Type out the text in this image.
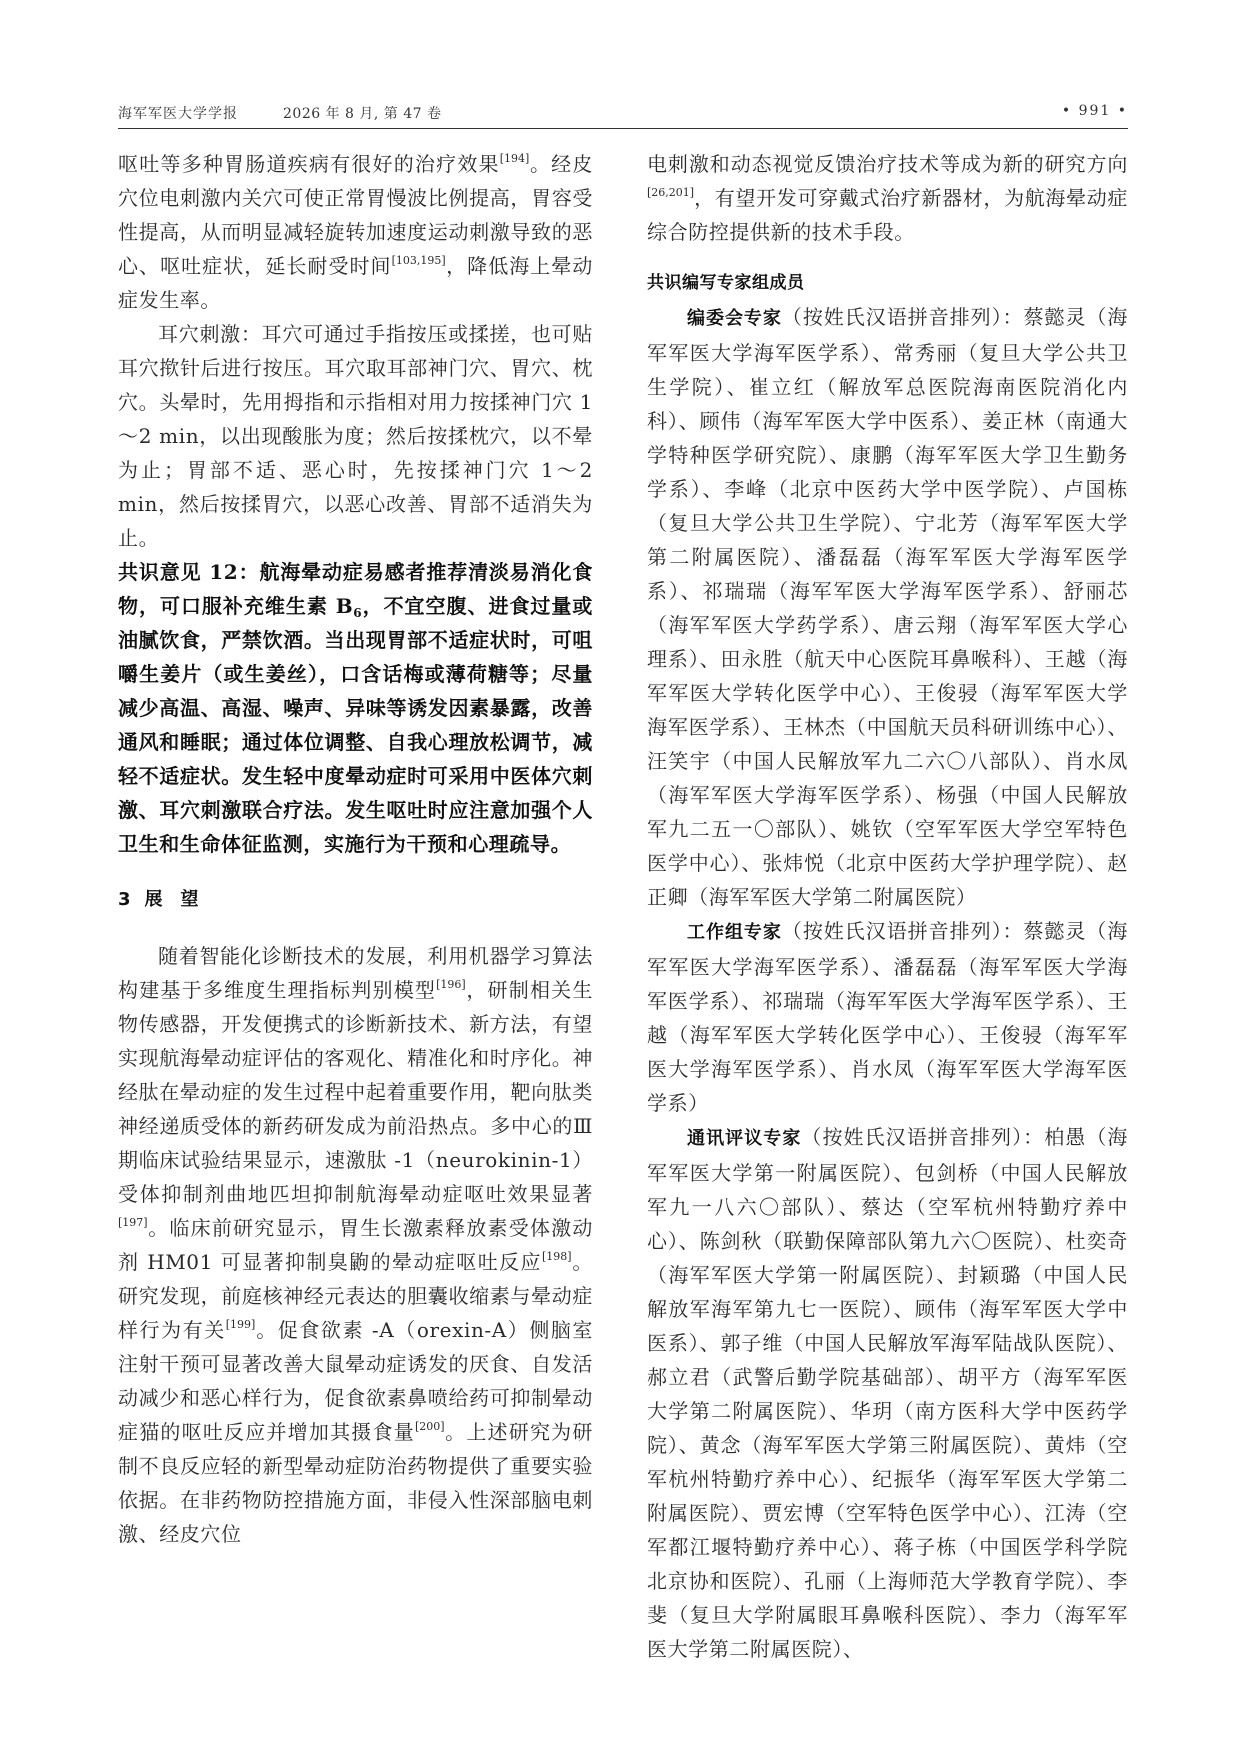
海军军医大学学报	2026 年 8 月, 第 47 卷	• 991 •

呕吐等多种胃肠道疾病有很好的治疗效果[194]。经皮穴位电刺激内关穴可使正常胃慢波比例提高，胃容受性提高，从而明显减轻旋转加速度运动刺激导致的恶心、呕吐症状，延长耐受时间[103,195]，降低海上晕动症发生率。

耳穴刺激：耳穴可通过手指按压或揉搓，也可贴耳穴揿针后进行按压。耳穴取耳部神门穴、胃穴、枕穴。头晕时，先用拇指和示指相对用力按揉神门穴 1～2 min，以出现酸胀为度；然后按揉枕穴，以不晕为止；胃部不适、恶心时，先按揉神门穴 1～2 min，然后按揉胃穴，以恶心改善、胃部不适消失为止。

共识意见 12：航海晕动症易感者推荐清淡易消化食物，可口服补充维生素 $B_6$，不宜空腹、进食过量或油腻饮食，严禁饮酒。当出现胃部不适症状时，可咀嚼生姜片（或生姜丝），口含话梅或薄荷糖等；尽量减少高温、高湿、噪声、异味等诱发因素暴露，改善通风和睡眠；通过体位调整、自我心理放松调节，减轻不适症状。发生轻中度晕动症时可采用中医体穴刺激、耳穴刺激联合疗法。发生呕吐时应注意加强个人卫生和生命体征监测，实施行为干预和心理疏导。

3 展望

随着智能化诊断技术的发展，利用机器学习算法构建基于多维度生理指标判别模型[196]，研制相关生物传感器，开发便携式的诊断新技术、新方法，有望实现航海晕动症评估的客观化、精准化和时序化。神经肽在晕动症的发生过程中起着重要作用，靶向肽类神经递质受体的新药研发成为前沿热点。多中心的Ⅲ期临床试验结果显示，速激肽 -1（neurokinin-1）受体抑制剂曲地匹坦抑制航海晕动症呕吐效果显著[197]。临床前研究显示，胃生长激素释放素受体激动剂 HM01 可显著抑制臭鼩的晕动症呕吐反应[198]。研究发现，前庭核神经元表达的胆囊收缩素与晕动症样行为有关[199]。促食欲素 -A（orexin-A）侧脑室注射干预可显著改善大鼠晕动症诱发的厌食、自发活动减少和恶心样行为，促食欲素鼻喷给药可抑制晕动症猫的呕吐反应并增加其摄食量[200]。上述研究为研制不良反应轻的新型晕动症防治药物提供了重要实验依据。在非药物防控措施方面，非侵入性深部脑电刺激、经皮穴位

电刺激和动态视觉反馈治疗技术等成为新的研究方向[26,201]，有望开发可穿戴式治疗新器材，为航海晕动症综合防控提供新的技术手段。

共识编写专家组成员

编委会专家（按姓氏汉语拼音排列）：蔡懿灵（海军军医大学海军医学系）、常秀丽（复旦大学公共卫生学院）、崔立红（解放军总医院海南医院消化内科）、顾伟（海军军医大学中医系）、姜正林（南通大学特种医学研究院）、康鹏（海军军医大学卫生勤务学系）、李峰（北京中医药大学中医学院）、卢国栋（复旦大学公共卫生学院）、宁北芳（海军军医大学第二附属医院）、潘磊磊（海军军医大学海军医学系）、祁瑞瑞（海军军医大学海军医学系）、舒丽芯（海军军医大学药学系）、唐云翔（海军军医大学心理系）、田永胜（航天中心医院耳鼻喉科）、王越（海军军医大学转化医学中心）、王俊骎（海军军医大学海军医学系）、王林杰（中国航天员科研训练中心）、汪笑宇（中国人民解放军九二六〇八部队）、肖水凤（海军军医大学海军医学系）、杨强（中国人民解放军九二五一〇部队）、姚钦（空军军医大学空军特色医学中心）、张炜悦（北京中医药大学护理学院）、赵正卿（海军军医大学第二附属医院）

工作组专家（按姓氏汉语拼音排列）：蔡懿灵（海军军医大学海军医学系）、潘磊磊（海军军医大学海军医学系）、祁瑞瑞（海军军医大学海军医学系）、王越（海军军医大学转化医学中心）、王俊骎（海军军医大学海军医学系）、肖水凤（海军军医大学海军医学系）

通讯评议专家（按姓氏汉语拼音排列）：柏愚（海军军医大学第一附属医院）、包剑桥（中国人民解放军九一八六〇部队）、蔡达（空军杭州特勤疗养中心）、陈剑秋（联勤保障部队第九六〇医院）、杜奕奇（海军军医大学第一附属医院）、封颖璐（中国人民解放军海军第九七一医院）、顾伟（海军军医大学中医系）、郭子维（中国人民解放军海军陆战队医院）、郝立君（武警后勤学院基础部）、胡平方（海军军医大学第二附属医院）、华玥（南方医科大学中医药学院）、黄念（海军军医大学第三附属医院）、黄炜（空军杭州特勤疗养中心）、纪振华（海军军医大学第二附属医院）、贾宏博（空军特色医学中心）、江涛（空军都江堰特勤疗养中心）、蒋子栋（中国医学科学院北京协和医院）、孔丽（上海师范大学教育学院）、李斐（复旦大学附属眼耳鼻喉科医院）、李力（海军军医大学第二附属医院）、
